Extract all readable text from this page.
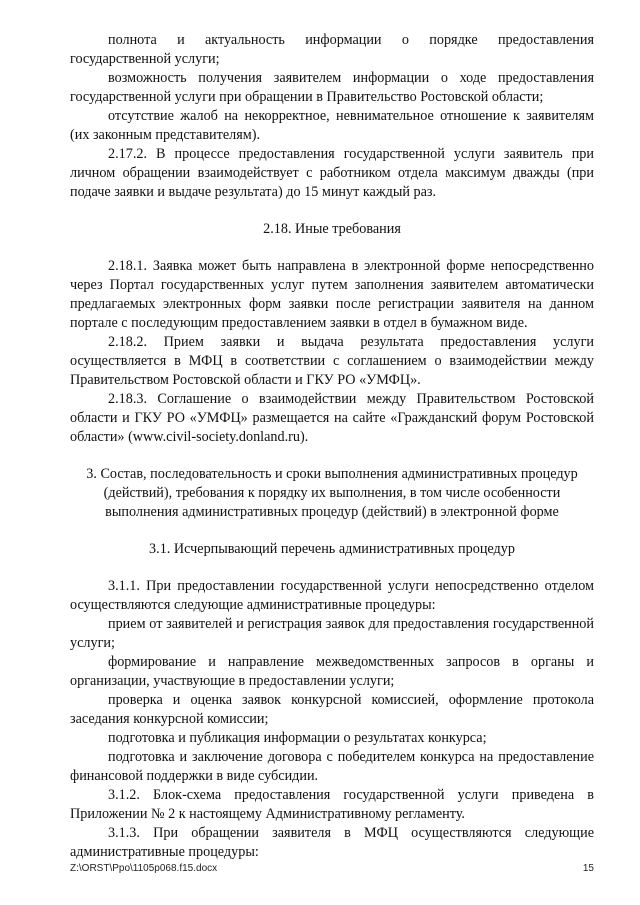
полнота и актуальность информации о порядке предоставления государственной услуги;

возможность получения заявителем информации о ходе предоставления государственной услуги при обращении в Правительство Ростовской области;

отсутствие жалоб на некорректное, невнимательное отношение к заявителям (их законным представителям).

2.17.2. В процессе предоставления государственной услуги заявитель при личном обращении взаимодействует с работником отдела максимум дважды (при подаче заявки и выдаче результата) до 15 минут каждый раз.

2.18. Иные требования

2.18.1. Заявка может быть направлена в электронной форме непосредственно через Портал государственных услуг путем заполнения заявителем автоматически предлагаемых электронных форм заявки после регистрации заявителя на данном портале с последующим предоставлением заявки в отдел в бумажном виде.

2.18.2. Прием заявки и выдача результата предоставления услуги осуществляется в МФЦ в соответствии с соглашением о взаимодействии между Правительством Ростовской области и ГКУ РО «УМФЦ».

2.18.3. Соглашение о взаимодействии между Правительством Ростовской области и ГКУ РО «УМФЦ» размещается на сайте «Гражданский форум Ростовской области» (www.civil-society.donland.ru).

3. Состав, последовательность и сроки выполнения административных процедур (действий), требования к порядку их выполнения, в том числе особенности выполнения административных процедур (действий) в электронной форме

3.1. Исчерпывающий перечень административных процедур

3.1.1. При предоставлении государственной услуги непосредственно отделом осуществляются следующие административные процедуры:

прием от заявителей и регистрация заявок для предоставления государственной услуги;

формирование и направление межведомственных запросов в органы и организации, участвующие в предоставлении услуги;

проверка и оценка заявок конкурсной комиссией, оформление протокола заседания конкурсной комиссии;

подготовка и публикация информации о результатах конкурса;

подготовка и заключение договора с победителем конкурса на предоставление финансовой поддержки в виде субсидии.

3.1.2. Блок-схема предоставления государственной услуги приведена в Приложении № 2 к настоящему Административному регламенту.

3.1.3. При обращении заявителя в МФЦ осуществляются следующие административные процедуры:

Z:\ORST\Ppo\1105p068.f15.docx	15
